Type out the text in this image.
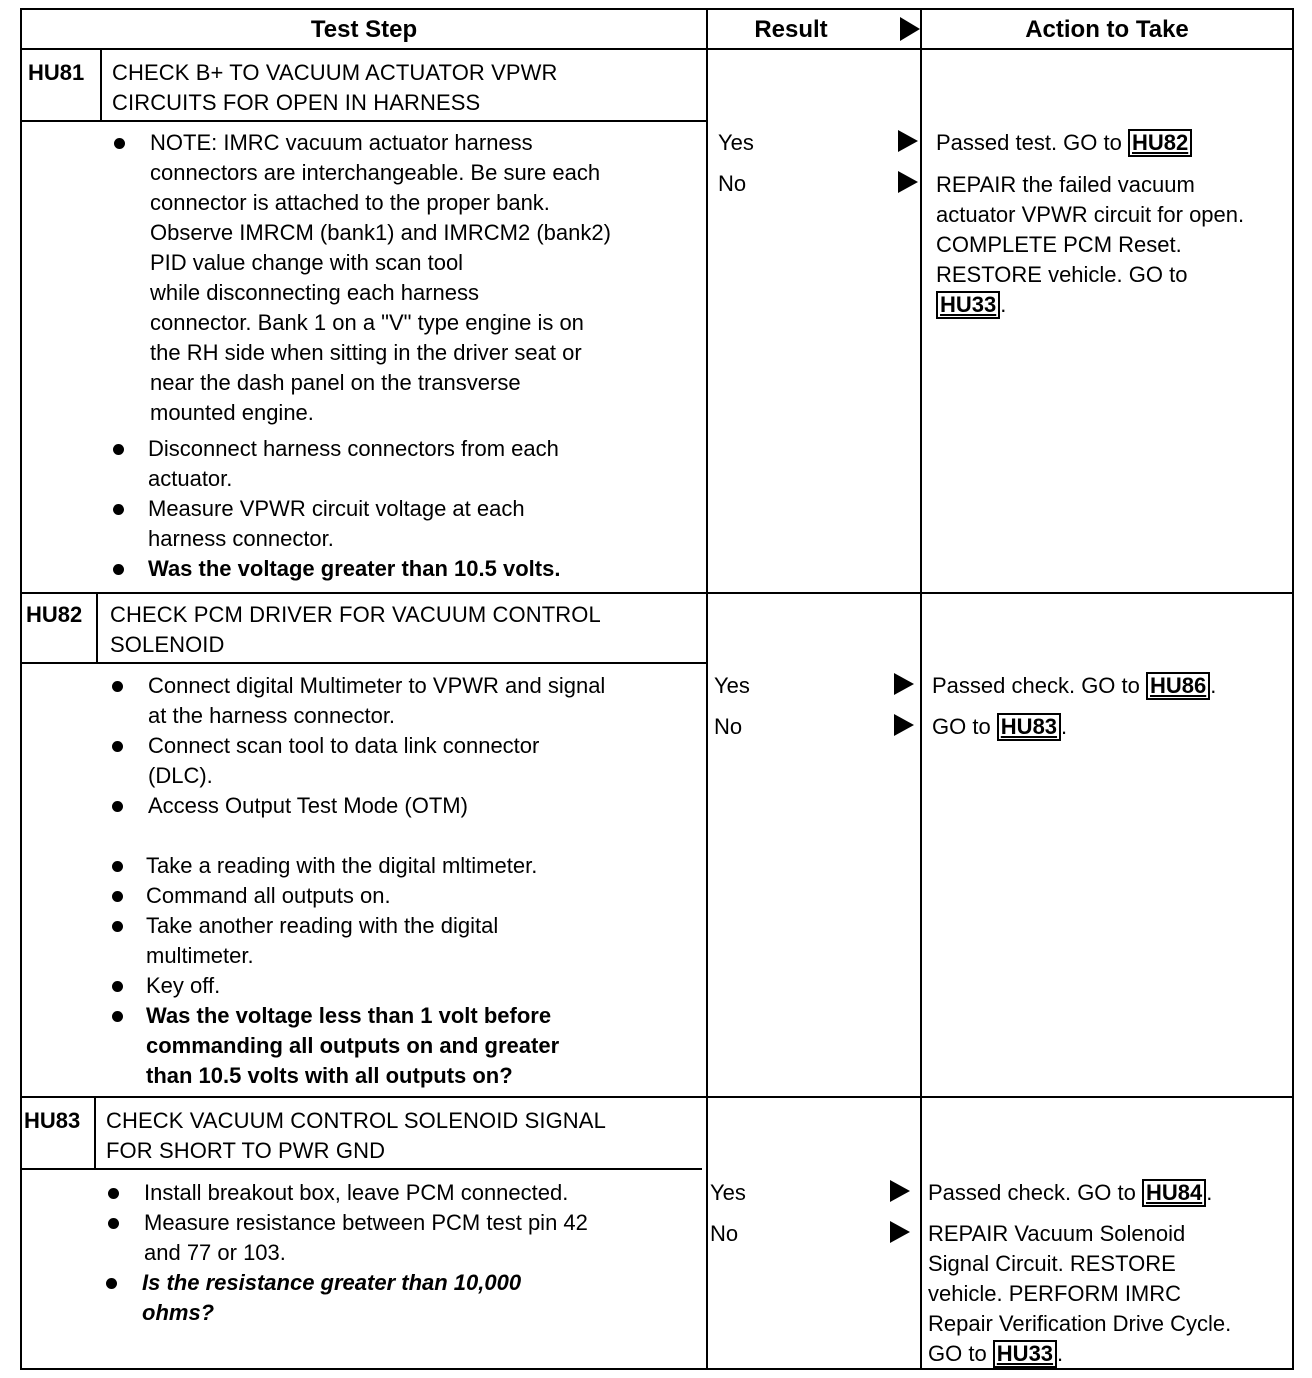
Test Step	Result	Action to Take
HU81 CHECK B+ TO VACUUM ACTUATOR VPWR
CIRCUITS FOR OPEN IN HARNESS
NOTE: IMRC vacuum actuator harness
connectors are interchangeable. Be sure each
connector is attached to the proper bank.
Observe IMRCM (bank1) and IMRCM2 (bank2)
PID value change with scan tool
while disconnecting each harness
connector. Bank 1 on a "V" type engine is on
the RH side when sitting in the driver seat or
near the dash panel on the transverse
mounted engine.
Disconnect harness connectors from each
actuator.
Measure VPWR circuit voltage at each
harness connector.
Was the voltage greater than 10.5 volts.
Yes
No
Passed test. GO to HU82
REPAIR the failed vacuum
actuator VPWR circuit for open.
COMPLETE PCM Reset.
RESTORE vehicle. GO to
HU33 .
HU82 CHECK PCM DRIVER FOR VACUUM CONTROL
SOLENOID
Connect digital Multimeter to VPWR and signal
at the harness connector.
Connect scan tool to data link connector
(DLC).
Access Output Test Mode (OTM)
Take a reading with the digital mltimeter.
Command all outputs on.
Take another reading with the digital
multimeter.
Key off.
Was the voltage less than 1 volt before
commanding all outputs on and greater
than 10.5 volts with all outputs on?
Yes
No
Passed check. GO to HU86 .
GO to HU83 .
HU83 CHECK VACUUM CONTROL SOLENOID SIGNAL
FOR SHORT TO PWR GND
Install breakout box, leave PCM connected.
Measure resistance between PCM test pin 42
and 77 or 103.
Is the resistance greater than 10,000
ohms?
Yes
No
Passed check. GO to HU84 .
REPAIR Vacuum Solenoid
Signal Circuit. RESTORE
vehicle. PERFORM IMRC
Repair Verification Drive Cycle.
GO to HU33 .
